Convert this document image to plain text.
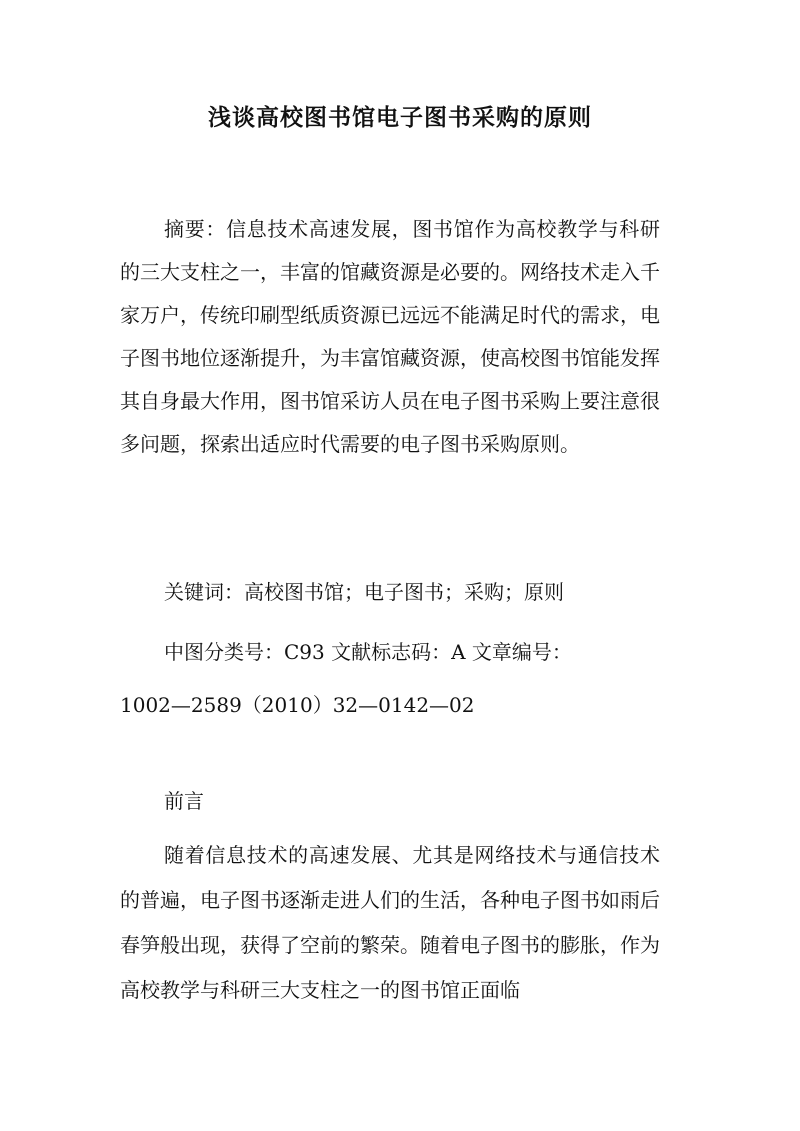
浅谈高校图书馆电子图书采购的原则
摘要：信息技术高速发展，图书馆作为高校教学与科研的三大支柱之一，丰富的馆藏资源是必要的。网络技术走入千家万户，传统印刷型纸质资源已远远不能满足时代的需求，电子图书地位逐渐提升，为丰富馆藏资源，使高校图书馆能发挥其自身最大作用，图书馆采访人员在电子图书采购上要注意很多问题，探索出适应时代需要的电子图书采购原则。
关键词：高校图书馆；电子图书；采购；原则
中图分类号：C93 文献标志码：A 文章编号：
1002—2589（2010）32—0142—02
前言
随着信息技术的高速发展、尤其是网络技术与通信技术的普遍，电子图书逐渐走进人们的生活，各种电子图书如雨后春笋般出现，获得了空前的繁荣。随着电子图书的膨胀，作为高校教学与科研三大支柱之一的图书馆正面临
